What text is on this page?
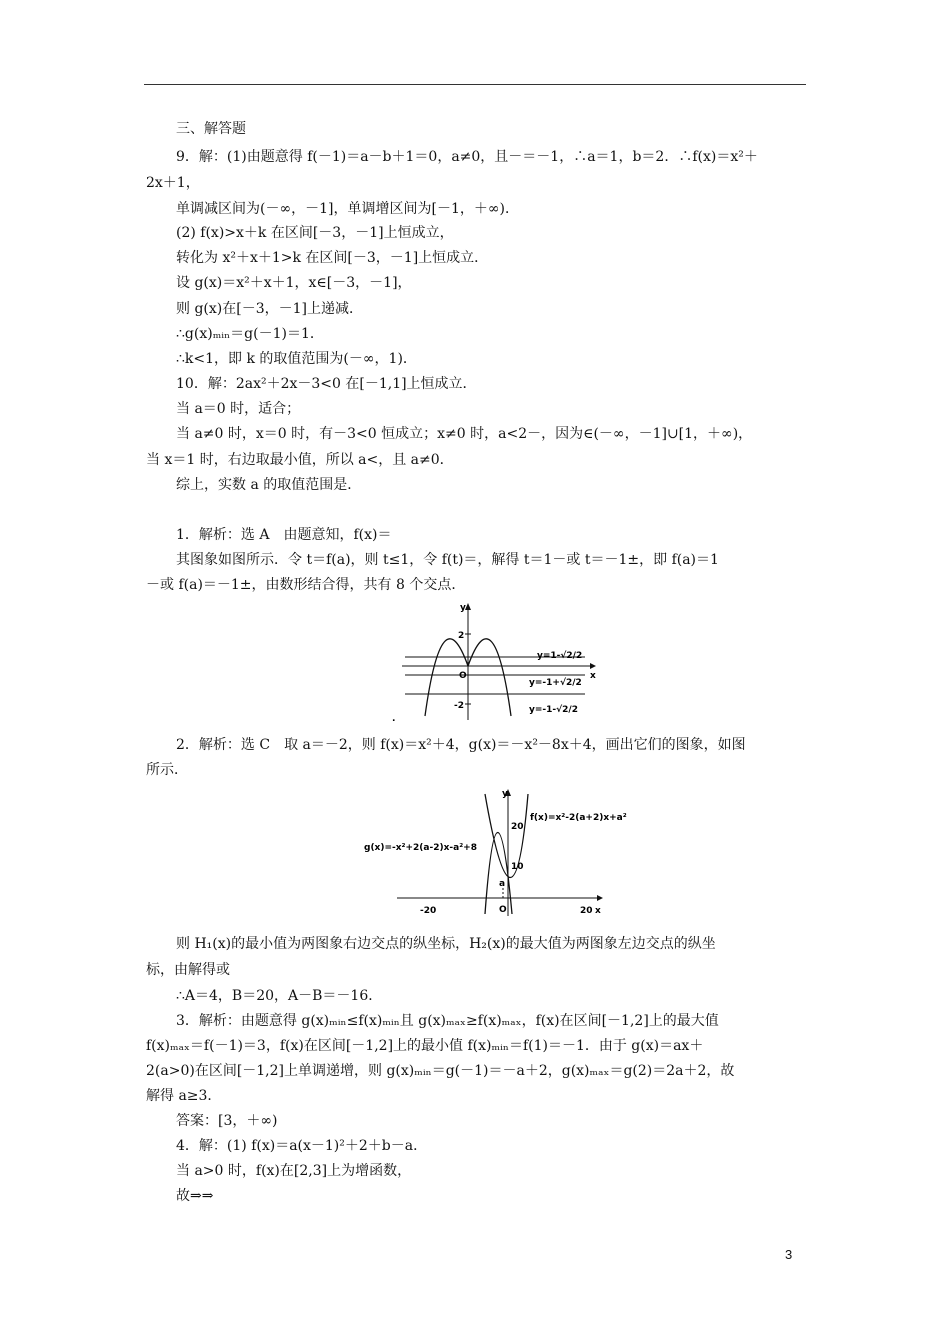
三、解答题
9．解：(1)由题意得 f(－1)＝a－b＋1＝0，a≠0，且－＝－1，∴a＝1，b＝2．∴f(x)＝x²＋
2x＋1，
单调减区间为(－∞，－1]，单调增区间为[－1，＋∞)．
(2) f(x)>x＋k 在区间[－3，－1]上恒成立，
转化为 x²＋x＋1>k 在区间[－3，－1]上恒成立．
设 g(x)＝x²＋x＋1，x∈[－3，－1]，
则 g(x)在[－3，－1]上递减．
∴g(x)ₘᵢₙ＝g(－1)＝1．
∴k<1，即 k 的取值范围为(－∞，1)．
10．解：2ax²＋2x－3<0 在[－1,1]上恒成立．
当 a＝0 时，适合；
当 a≠0 时，x＝0 时，有－3<0 恒成立；x≠0 时，a<2－，因为∈(－∞，－1]∪[1，＋∞)，
当 x＝1 时，右边取最小值，所以 a<，且 a≠0．
综上，实数 a 的取值范围是．
1．解析：选 A　由题意知，f(x)＝
其图象如图所示．令 t＝f(a)，则 t≤1，令 f(t)＝，解得 t＝1－或 t＝－1±，即 f(a)＝1
－或 f(a)＝－1±，由数形结合得，共有 8 个交点．
y
x
O
2
-2
y=1-√2/2
y=-1+√2/2
y=-1-√2/2
.
2．解析：选 C　取 a＝－2，则 f(x)＝x²＋4，g(x)＝－x²－8x＋4，画出它们的图象，如图
所示．
y
x
O
a
20
10
-20	20
f(x)=x²-2(a+2)x+a²
g(x)=-x²+2(a-2)x-a²+8
则 H₁(x)的最小值为两图象右边交点的纵坐标，H₂(x)的最大值为两图象左边交点的纵坐
标，由解得或
∴A＝4，B＝20，A－B＝－16．
3．解析：由题意得 g(x)ₘᵢₙ≤f(x)ₘᵢₙ且 g(x)ₘₐₓ≥f(x)ₘₐₓ，f(x)在区间[－1,2]上的最大值
f(x)ₘₐₓ＝f(－1)＝3，f(x)在区间[－1,2]上的最小值 f(x)ₘᵢₙ＝f(1)＝－1．由于 g(x)＝ax＋
2(a>0)在区间[－1,2]上单调递增，则 g(x)ₘᵢₙ＝g(－1)＝－a＋2，g(x)ₘₐₓ＝g(2)＝2a＋2，故
解得 a≥3．
答案：[3，＋∞)
4．解：(1) f(x)＝a(x－1)²＋2＋b－a．
当 a>0 时，f(x)在[2,3]上为增函数，
故⇒⇒
3
